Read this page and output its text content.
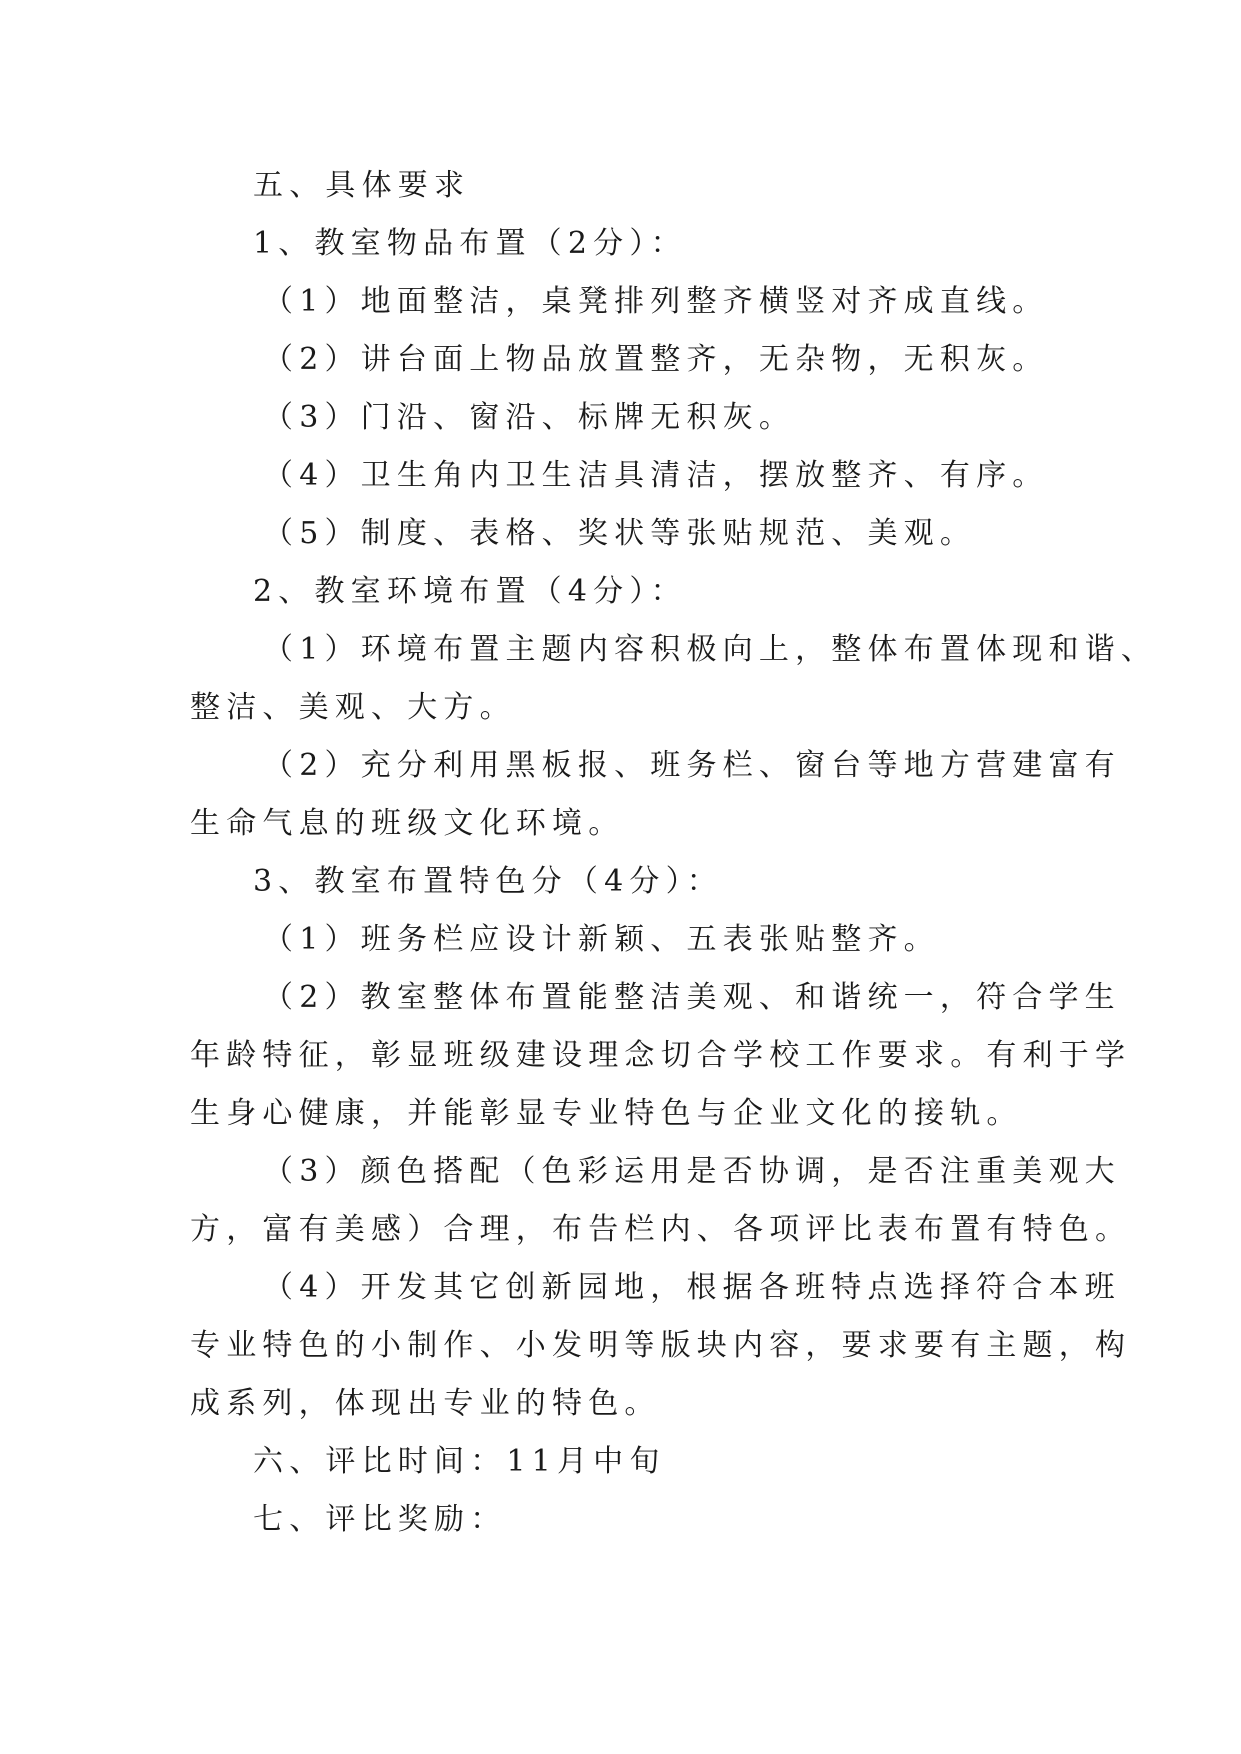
五、具体要求
1、教室物品布置（2分）：
（1）地面整洁，桌凳排列整齐横竖对齐成直线。
（2）讲台面上物品放置整齐，无杂物，无积灰。
（3）门沿、窗沿、标牌无积灰。
（4）卫生角内卫生洁具清洁，摆放整齐、有序。
（5）制度、表格、奖状等张贴规范、美观。
2、教室环境布置（4分）：
（1）环境布置主题内容积极向上，整体布置体现和谐、
整洁、美观、大方。
（2）充分利用黑板报、班务栏、窗台等地方营建富有
生命气息的班级文化环境。
3、教室布置特色分（4分）：
（1）班务栏应设计新颖、五表张贴整齐。
（2）教室整体布置能整洁美观、和谐统一，符合学生
年龄特征，彰显班级建设理念切合学校工作要求。有利于学
生身心健康，并能彰显专业特色与企业文化的接轨。
（3）颜色搭配（色彩运用是否协调，是否注重美观大
方，富有美感）合理，布告栏内、各项评比表布置有特色。
（4）开发其它创新园地，根据各班特点选择符合本班
专业特色的小制作、小发明等版块内容，要求要有主题，构
成系列，体现出专业的特色。
六、评比时间：11月中旬
七、评比奖励：
